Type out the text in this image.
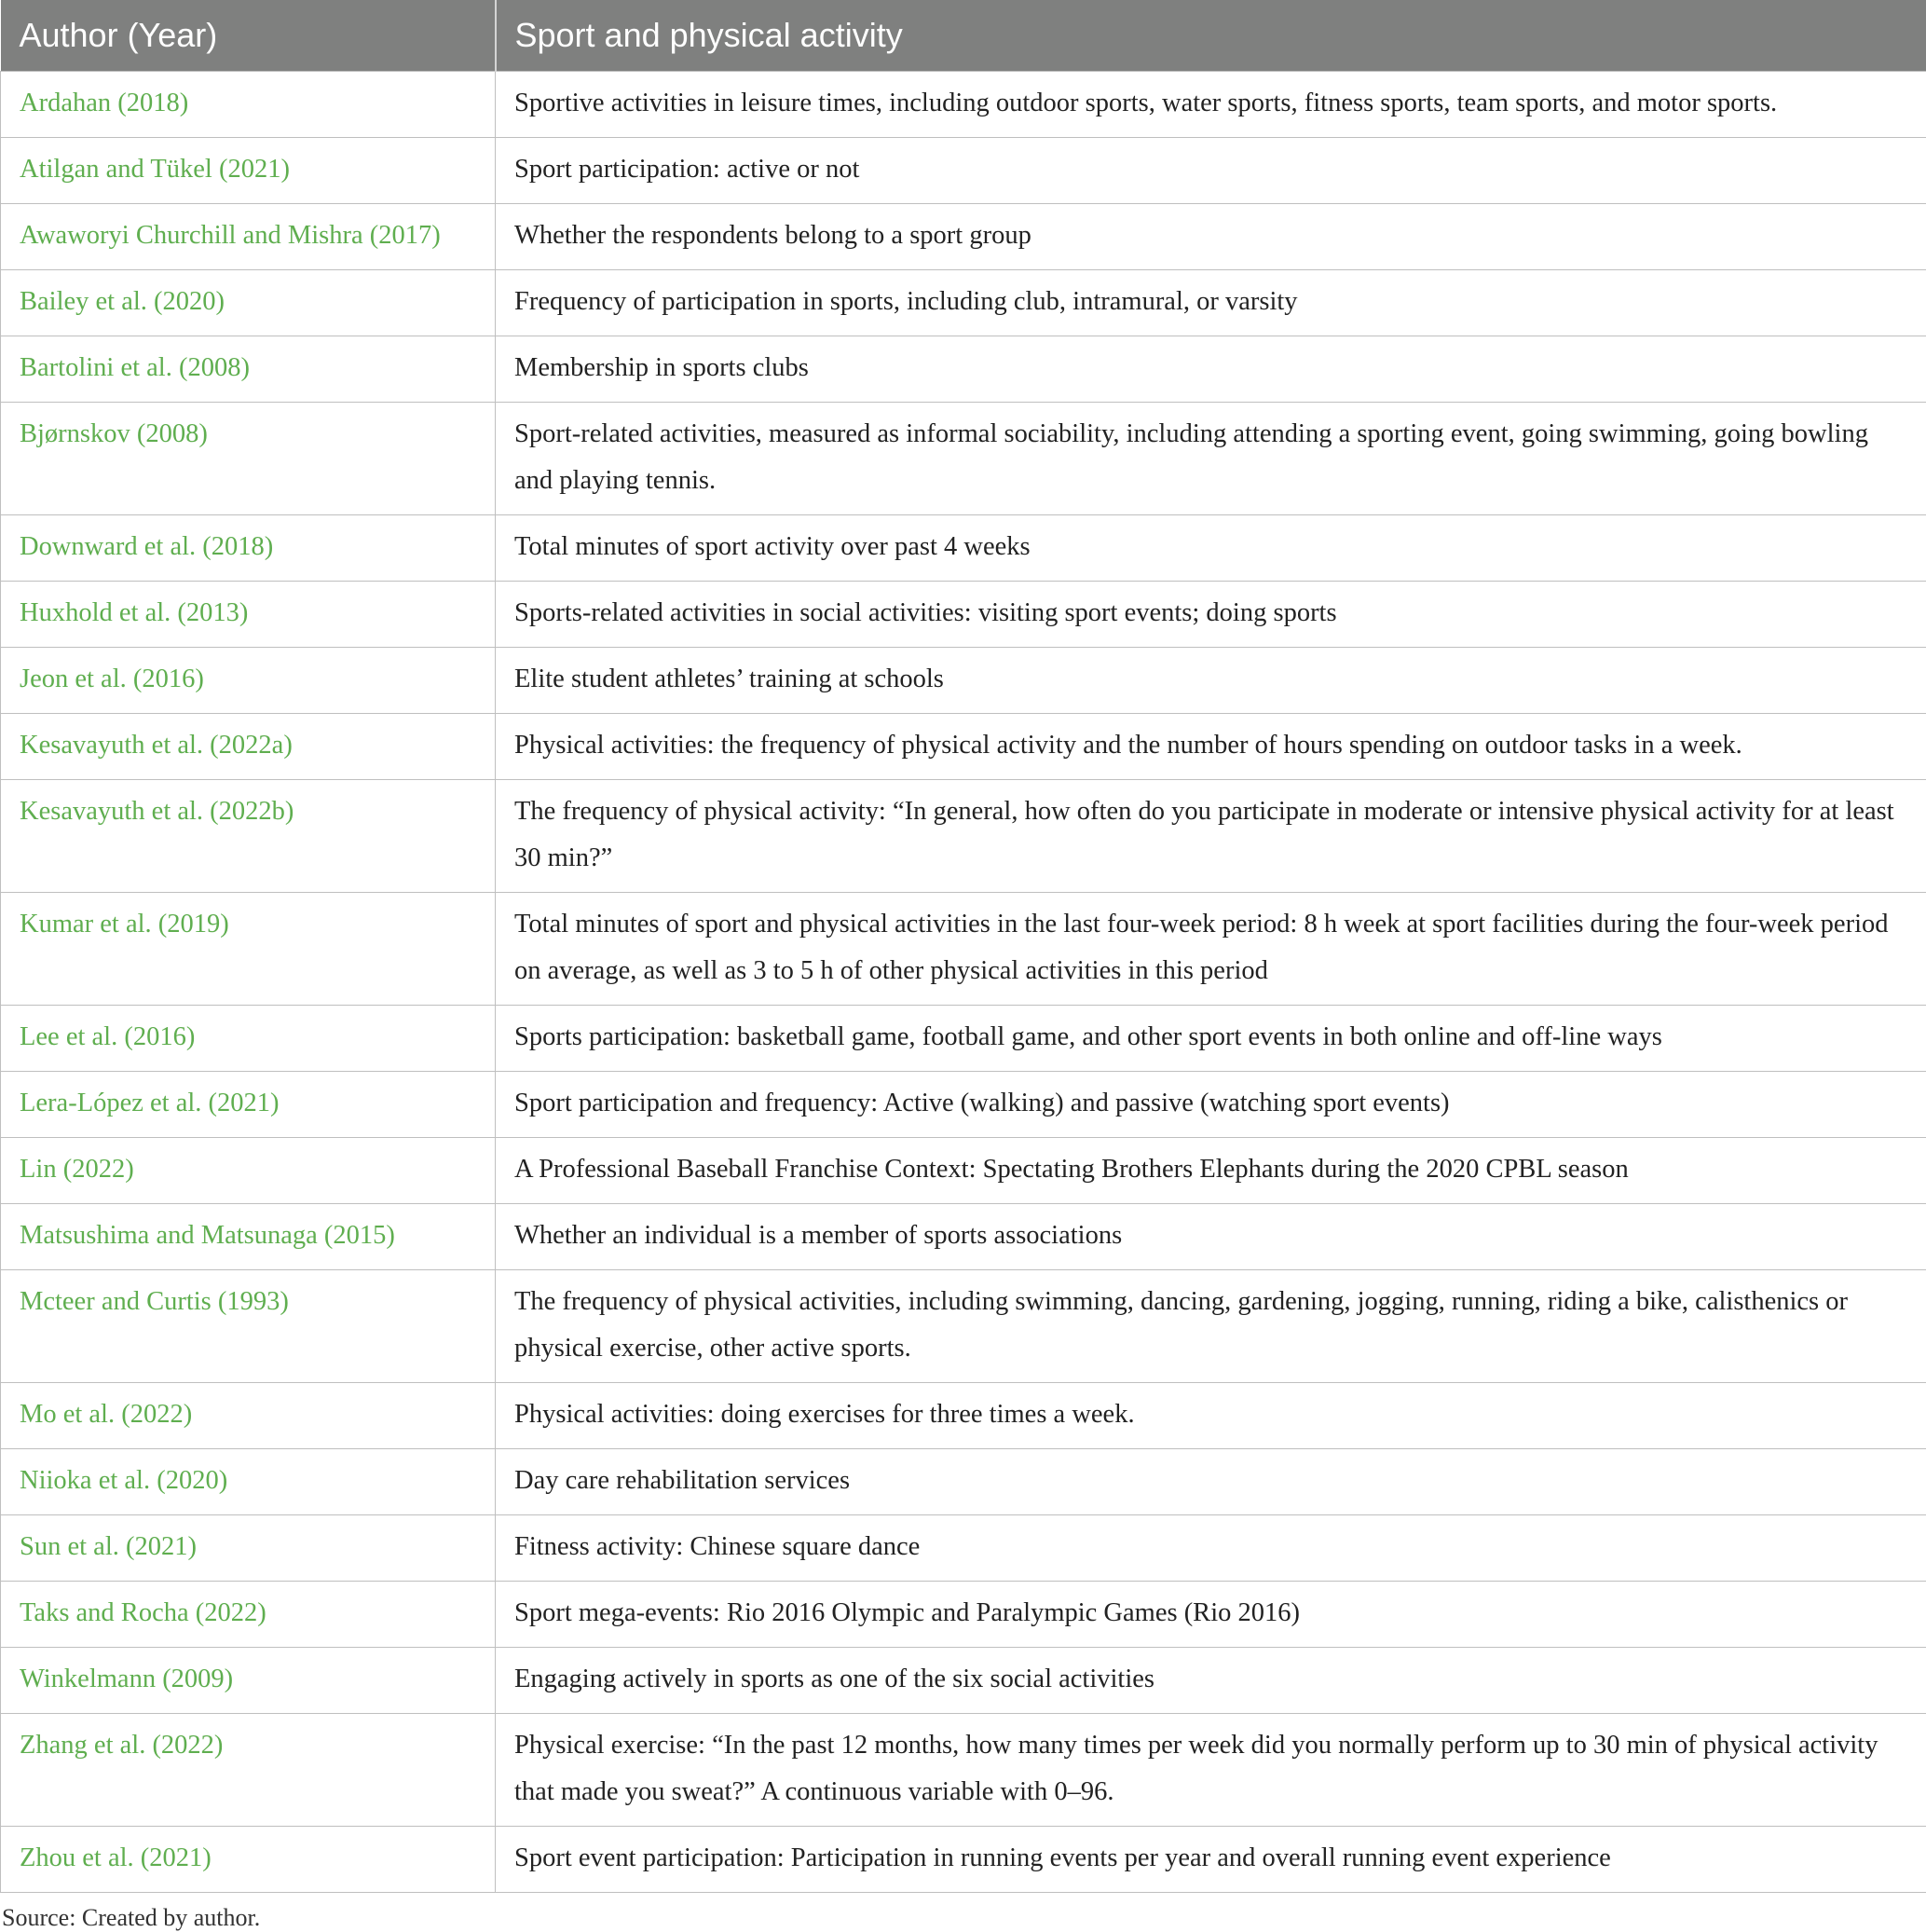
Author (Year)	Sport and physical activity
Ardahan (2018)	Sportive activities in leisure times, including outdoor sports, water sports, fitness sports, team sports, and motor sports.
Atilgan and Tükel (2021)	Sport participation: active or not
Awaworyi Churchill and Mishra (2017)	Whether the respondents belong to a sport group
Bailey et al. (2020)	Frequency of participation in sports, including club, intramural, or varsity
Bartolini et al. (2008)	Membership in sports clubs
Bjørnskov (2008)	Sport-related activities, measured as informal sociability, including attending a sporting event, going swimming, going bowling and playing tennis.
Downward et al. (2018)	Total minutes of sport activity over past 4 weeks
Huxhold et al. (2013)	Sports-related activities in social activities: visiting sport events; doing sports
Jeon et al. (2016)	Elite student athletes’ training at schools
Kesavayuth et al. (2022a)	Physical activities: the frequency of physical activity and the number of hours spending on outdoor tasks in a week.
Kesavayuth et al. (2022b)	The frequency of physical activity: “In general, how often do you participate in moderate or intensive physical activity for at least 30 min?”
Kumar et al. (2019)	Total minutes of sport and physical activities in the last four-week period: 8 h week at sport facilities during the four-week period on average, as well as 3 to 5 h of other physical activities in this period
Lee et al. (2016)	Sports participation: basketball game, football game, and other sport events in both online and off-line ways
Lera-López et al. (2021)	Sport participation and frequency: Active (walking) and passive (watching sport events)
Lin (2022)	A Professional Baseball Franchise Context: Spectating Brothers Elephants during the 2020 CPBL season
Matsushima and Matsunaga (2015)	Whether an individual is a member of sports associations
Mcteer and Curtis (1993)	The frequency of physical activities, including swimming, dancing, gardening, jogging, running, riding a bike, calisthenics or physical exercise, other active sports.
Mo et al. (2022)	Physical activities: doing exercises for three times a week.
Niioka et al. (2020)	Day care rehabilitation services
Sun et al. (2021)	Fitness activity: Chinese square dance
Taks and Rocha (2022)	Sport mega-events: Rio 2016 Olympic and Paralympic Games (Rio 2016)
Winkelmann (2009)	Engaging actively in sports as one of the six social activities
Zhang et al. (2022)	Physical exercise: “In the past 12 months, how many times per week did you normally perform up to 30 min of physical activity that made you sweat?” A continuous variable with 0–96.
Zhou et al. (2021)	Sport event participation: Participation in running events per year and overall running event experience
Source: Created by author.
